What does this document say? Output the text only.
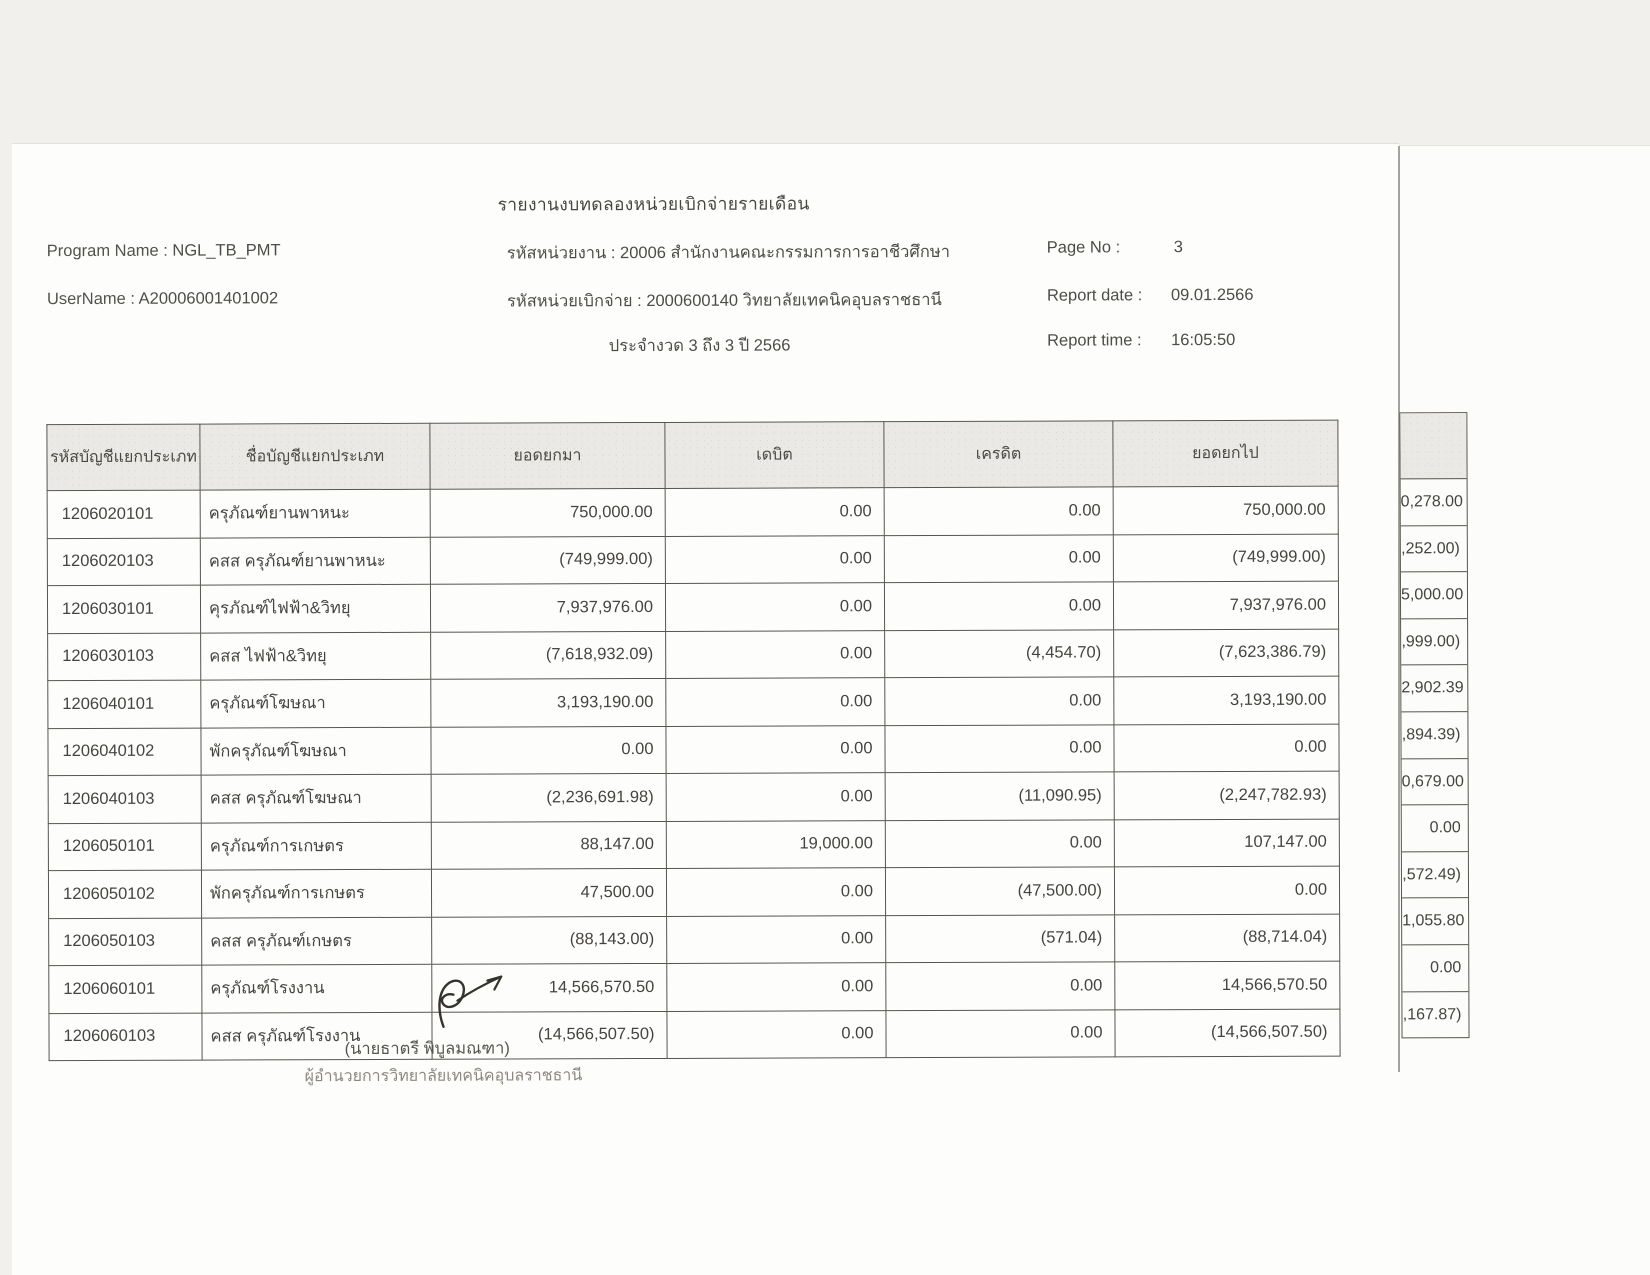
รายงานงบทดลองหน่วยเบิกจ่ายรายเดือน
Program Name : NGL_TB_PMT	รหัสหน่วยงาน : 20006 สำนักงานคณะกรรมการการอาชีวศึกษา	Page No :	3
UserName : A20006001401002	รหัสหน่วยเบิกจ่าย : 2000600140 วิทยาลัยเทคนิคอุบลราชธานี	Report date : 09.01.2566
ประจำงวด 3 ถึง 3 ปี 2566	Report time : 16:05:50
รหัสบัญชีแยกประเภท	ชื่อบัญชีแยกประเภท	ยอดยกมา	เดบิต	เครดิต	ยอดยกไป
1206020101	ครุภัณฑ์ยานพาหนะ	750,000.00	0.00	0.00	750,000.00
1206020103	คสส ครุภัณฑ์ยานพาหนะ	(749,999.00)	0.00	0.00	(749,999.00)
1206030101	คุรภัณฑ์ไฟฟ้า&วิทยุ	7,937,976.00	0.00	0.00	7,937,976.00
1206030103	คสส ไฟฟ้า&วิทยุ	(7,618,932.09)	0.00	(4,454.70)	(7,623,386.79)
1206040101	ครุภัณฑ์โฆษณา	3,193,190.00	0.00	0.00	3,193,190.00
1206040102	พักครุภัณฑ์โฆษณา	0.00	0.00	0.00	0.00
1206040103	คสส ครุภัณฑ์โฆษณา	(2,236,691.98)	0.00	(11,090.95)	(2,247,782.93)
1206050101	ครุภัณฑ์การเกษตร	88,147.00	19,000.00	0.00	107,147.00
1206050102	พักครุภัณฑ์การเกษตร	47,500.00	0.00	(47,500.00)	0.00
1206050103	คสส ครุภัณฑ์เกษตร	(88,143.00)	0.00	(571.04)	(88,714.04)
1206060101	ครุภัณฑ์โรงงาน	14,566,570.50	0.00	0.00	14,566,570.50
1206060103	คสส ครุภัณฑ์โรงงาน	(14,566,507.50)	0.00	0.00	(14,566,507.50)
0,278.00
,252.00)
5,000.00
,999.00)
2,902.39
,894.39)
0,679.00
0.00
,572.49)
1,055.80
0.00
,167.87)
(นายธาตรี พิบูลมณฑา)
ผู้อำนวยการวิทยาลัยเทคนิคอุบลราชธานี
